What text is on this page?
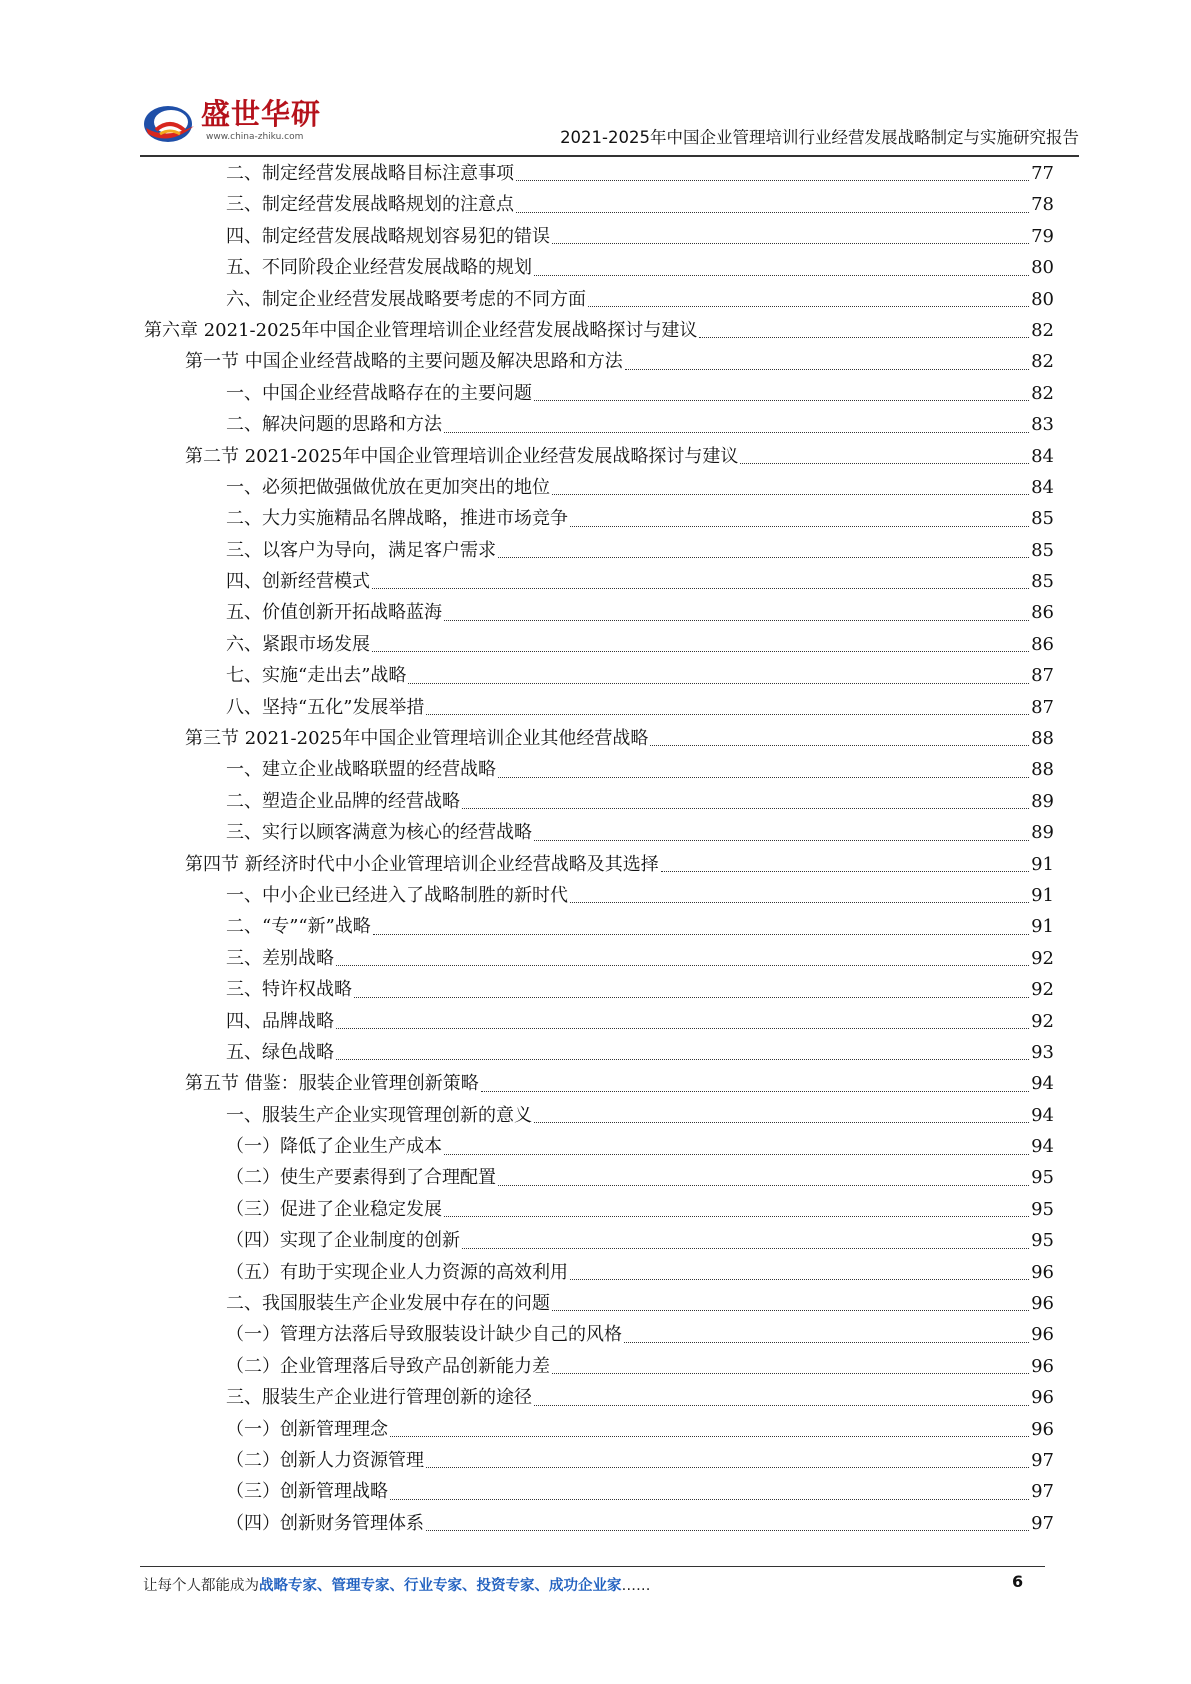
盛世华研
www.china-zhiku.com	2021-2025年中国企业管理培训行业经营发展战略制定与实施研究报告
二、制定经营发展战略目标注意事项	77
三、制定经营发展战略规划的注意点	78
四、制定经营发展战略规划容易犯的错误	79
五、不同阶段企业经营发展战略的规划	80
六、制定企业经营发展战略要考虑的不同方面	80
第六章 2021-2025年中国企业管理培训企业经营发展战略探讨与建议	82
第一节 中国企业经营战略的主要问题及解决思路和方法	82
一、中国企业经营战略存在的主要问题	82
二、解决问题的思路和方法	83
第二节 2021-2025年中国企业管理培训企业经营发展战略探讨与建议	84
一、必须把做强做优放在更加突出的地位	84
二、大力实施精品名牌战略，推进市场竞争	85
三、以客户为导向，满足客户需求	85
四、创新经营模式	85
五、价值创新开拓战略蓝海	86
六、紧跟市场发展	86
七、实施“走出去”战略	87
八、坚持“五化”发展举措	87
第三节 2021-2025年中国企业管理培训企业其他经营战略	88
一、建立企业战略联盟的经营战略	88
二、塑造企业品牌的经营战略	89
三、实行以顾客满意为核心的经营战略	89
第四节 新经济时代中小企业管理培训企业经营战略及其选择	91
一、中小企业已经进入了战略制胜的新时代	91
二、“专”“新”战略	91
三、差别战略	92
三、特许权战略	92
四、品牌战略	92
五、绿色战略	93
第五节 借鉴：服装企业管理创新策略	94
一、服装生产企业实现管理创新的意义	94
（一）降低了企业生产成本	94
（二）使生产要素得到了合理配置	95
（三）促进了企业稳定发展	95
（四）实现了企业制度的创新	95
（五）有助于实现企业人力资源的高效利用	96
二、我国服装生产企业发展中存在的问题	96
（一）管理方法落后导致服装设计缺少自己的风格	96
（二）企业管理落后导致产品创新能力差	96
三、服装生产企业进行管理创新的途径	96
（一）创新管理理念	96
（二）创新人力资源管理	97
（三）创新管理战略	97
（四）创新财务管理体系	97
让每个人都能成为战略专家、管理专家、行业专家、投资专家、成功企业家……	6
